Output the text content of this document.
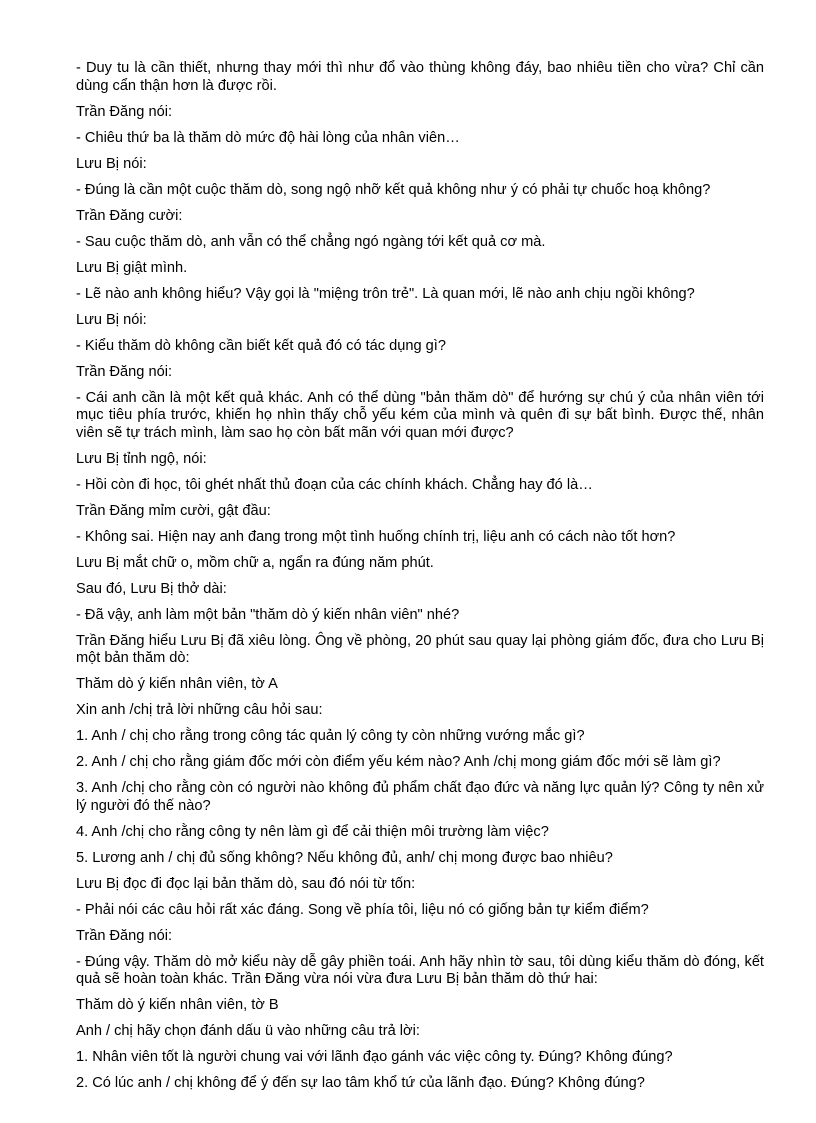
- Duy tu là cần thiết, nhưng thay mới thì như đổ vào thùng không đáy, bao nhiêu tiền cho vừa? Chỉ cần dùng cẩn thận hơn là được rồi.

Trần Đăng nói:

- Chiêu thứ ba là thăm dò mức độ hài lòng của nhân viên…

Lưu Bị nói:

- Đúng là cần một cuộc thăm dò, song ngộ nhỡ kết quả không như ý có phải tự chuốc hoạ không?

Trần Đăng cười:

- Sau cuộc thăm dò, anh vẫn có thể chẳng ngó ngàng tới kết quả cơ mà.

Lưu Bị giật mình.

- Lẽ nào anh không hiểu? Vậy gọi là "miệng trôn trẻ". Là quan mới, lẽ nào anh chịu ngồi không?

Lưu Bị nói:

- Kiểu thăm dò không cần biết kết quả đó có tác dụng gì?

Trần Đăng nói:

- Cái anh cần là một kết quả khác. Anh có thể dùng "bản thăm dò" để hướng sự chú ý của nhân viên tới mục tiêu phía trước, khiến họ nhìn thấy chỗ yếu kém của mình và quên đi sự bất bình. Được thế, nhân viên sẽ tự trách mình, làm sao họ còn bất mãn với quan mới được?

Lưu Bị tỉnh ngộ, nói:

- Hồi còn đi học, tôi ghét nhất thủ đoạn của các chính khách. Chẳng hay đó là…

Trần Đăng mỉm cười, gật đầu:

- Không sai. Hiện nay anh đang trong một tình huống chính trị, liệu anh có cách nào tốt hơn?

Lưu Bị mắt chữ o, mồm chữ a, ngẩn ra đúng năm phút.

Sau đó, Lưu Bị thở dài:

- Đã vậy, anh làm một bản "thăm dò ý kiến nhân viên" nhé?

Trần Đăng hiểu Lưu Bị đã xiêu lòng. Ông về phòng, 20 phút sau quay lại phòng giám đốc, đưa cho Lưu Bị một bản thăm dò:

Thăm dò ý kiến nhân viên, tờ A

Xin anh /chị trả lời những câu hỏi sau:

1. Anh / chị cho rằng trong công tác quản lý công ty còn những vướng mắc gì?

2. Anh / chị cho rằng giám đốc mới còn điểm yếu kém nào? Anh /chị mong giám đốc mới sẽ làm gì?

3. Anh /chị cho rằng còn có người nào không đủ phẩm chất đạo đức và năng lực quản lý? Công ty nên xử lý người đó thế nào?

4. Anh /chị cho rằng công ty nên làm gì để cải thiện môi trường làm việc?

5. Lương anh / chị đủ sống không? Nếu không đủ, anh/ chị mong được bao nhiêu?

Lưu Bị đọc đi đọc lại bản thăm dò, sau đó nói từ tốn:

- Phải nói các câu hỏi rất xác đáng. Song về phía tôi, liệu nó có giống bản tự kiểm điểm?

Trần Đăng nói:

- Đúng vậy. Thăm dò mở kiểu này dễ gây phiền toái. Anh hãy nhìn tờ sau, tôi dùng kiểu thăm dò đóng, kết quả sẽ hoàn toàn khác. Trần Đăng vừa nói vừa đưa Lưu Bị bản thăm dò thứ hai:

Thăm dò ý kiến nhân viên, tờ B

Anh / chị hãy chọn đánh dấu ü vào những câu trả lời:

1. Nhân viên tốt là người chung vai với lãnh đạo gánh vác việc công ty. Đúng? Không đúng?

2. Có lúc anh / chị không để ý đến sự lao tâm khổ tứ của lãnh đạo. Đúng? Không đúng?
